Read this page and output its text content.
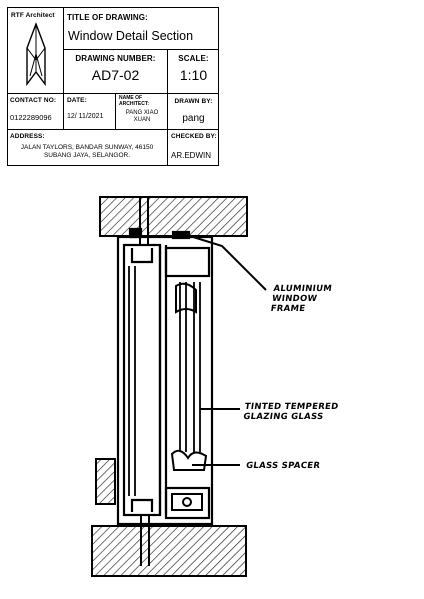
RTF Architect TITLE OF DRAWING:
Window Detail Section
DRAWING NUMBER:
AD7-02
SCALE:
1:10
CONTACT NO:
0122289096
DATE:
12/ 11/2021
NAME OF ARCHITECT:
PANG XIAO XUAN
DRAWN BY:
pang
ADDRESS:
JALAN TAYLORS, BANDAR SUNWAY, 46150 SUBANG JAYA, SELANGOR.
CHECKED BY:
AR.EDWIN
ALUMINIUM WINDOW FRAME
TINTED TEMPERED GLAZING GLASS
GLASS SPACER
